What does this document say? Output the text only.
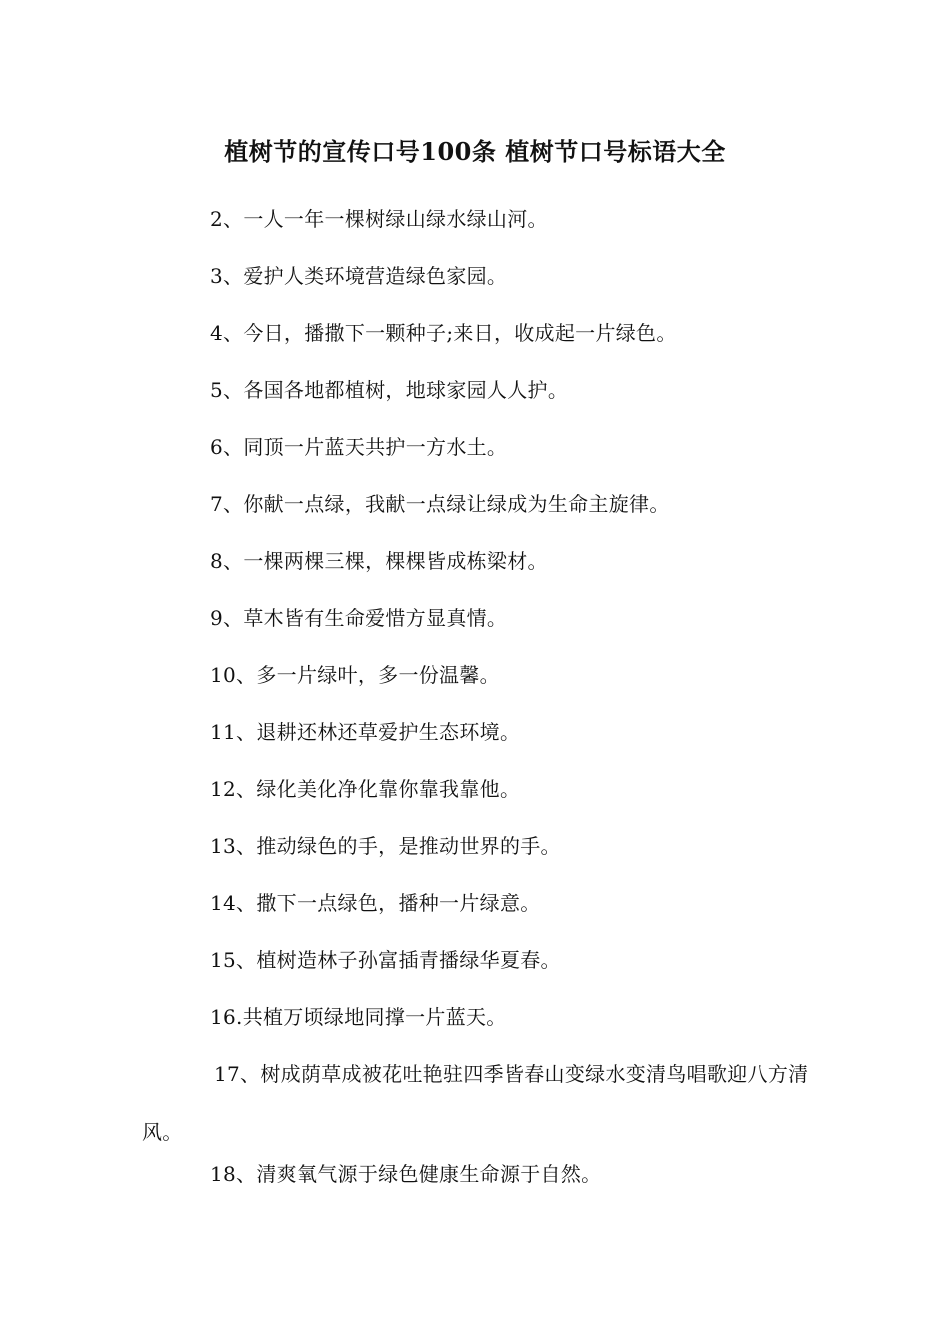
植树节的宣传口号100条 植树节口号标语大全
2、一人一年一棵树绿山绿水绿山河。
3、爱护人类环境营造绿色家园。
4、今日，播撒下一颗种子;来日，收成起一片绿色。
5、各国各地都植树，地球家园人人护。
6、同顶一片蓝天共护一方水土。
7、你献一点绿，我献一点绿让绿成为生命主旋律。
8、一棵两棵三棵，棵棵皆成栋梁材。
9、草木皆有生命爱惜方显真情。
10、多一片绿叶，多一份温馨。
11、退耕还林还草爱护生态环境。
12、绿化美化净化靠你靠我靠他。
13、推动绿色的手，是推动世界的手。
14、撒下一点绿色，播种一片绿意。
15、植树造林子孙富插青播绿华夏春。
16.共植万顷绿地同撑一片蓝天。
17、树成荫草成被花吐艳驻四季皆春山变绿水变清鸟唱歌迎八方清风。
18、清爽氧气源于绿色健康生命源于自然。
